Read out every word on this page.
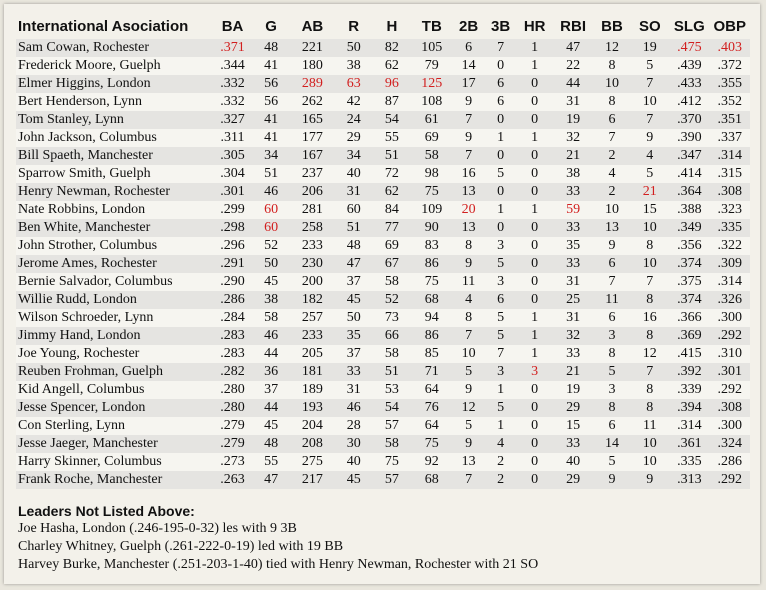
International Asociation	BA	G	AB	R	H	TB	2B	3B	HR	RBI	BB	SO	SLG	OBP
Sam Cowan, Rochester	.371	48	221	50	82	105	6	7	1	47	12	19	.475	.403
Frederick Moore, Guelph	.344	41	180	38	62	79	14	0	1	22	8	5	.439	.372
Elmer Higgins, London	.332	56	289	63	96	125	17	6	0	44	10	7	.433	.355
Bert Henderson, Lynn	.332	56	262	42	87	108	9	6	0	31	8	10	.412	.352
Tom Stanley, Lynn	.327	41	165	24	54	61	7	0	0	19	6	7	.370	.351
John Jackson, Columbus	.311	41	177	29	55	69	9	1	1	32	7	9	.390	.337
Bill Spaeth, Manchester	.305	34	167	34	51	58	7	0	0	21	2	4	.347	.314
Sparrow Smith, Guelph	.304	51	237	40	72	98	16	5	0	38	4	5	.414	.315
Henry Newman, Rochester	.301	46	206	31	62	75	13	0	0	33	2	21	.364	.308
Nate Robbins, London	.299	60	281	60	84	109	20	1	1	59	10	15	.388	.323
Ben White, Manchester	.298	60	258	51	77	90	13	0	0	33	13	10	.349	.335
John Strother, Columbus	.296	52	233	48	69	83	8	3	0	35	9	8	.356	.322
Jerome Ames, Rochester	.291	50	230	47	67	86	9	5	0	33	6	10	.374	.309
Bernie Salvador, Columbus	.290	45	200	37	58	75	11	3	0	31	7	7	.375	.314
Willie Rudd, London	.286	38	182	45	52	68	4	6	0	25	11	8	.374	.326
Wilson Schroeder, Lynn	.284	58	257	50	73	94	8	5	1	31	6	16	.366	.300
Jimmy Hand, London	.283	46	233	35	66	86	7	5	1	32	3	8	.369	.292
Joe Young, Rochester	.283	44	205	37	58	85	10	7	1	33	8	12	.415	.310
Reuben Frohman, Guelph	.282	36	181	33	51	71	5	3	3	21	5	7	.392	.301
Kid Angell, Columbus	.280	37	189	31	53	64	9	1	0	19	3	8	.339	.292
Jesse Spencer, London	.280	44	193	46	54	76	12	5	0	29	8	8	.394	.308
Con Sterling, Lynn	.279	45	204	28	57	64	5	1	0	15	6	11	.314	.300
Jesse Jaeger, Manchester	.279	48	208	30	58	75	9	4	0	33	14	10	.361	.324
Harry Skinner, Columbus	.273	55	275	40	75	92	13	2	0	40	5	10	.335	.286
Frank Roche, Manchester	.263	47	217	45	57	68	7	2	0	29	9	9	.313	.292
Leaders Not Listed Above:
Joe Hasha, London (.246-195-0-32) les with 9 3B
Charley Whitney, Guelph (.261-222-0-19) led with 19 BB
Harvey Burke, Manchester (.251-203-1-40) tied with Henry Newman, Rochester with 21 SO
